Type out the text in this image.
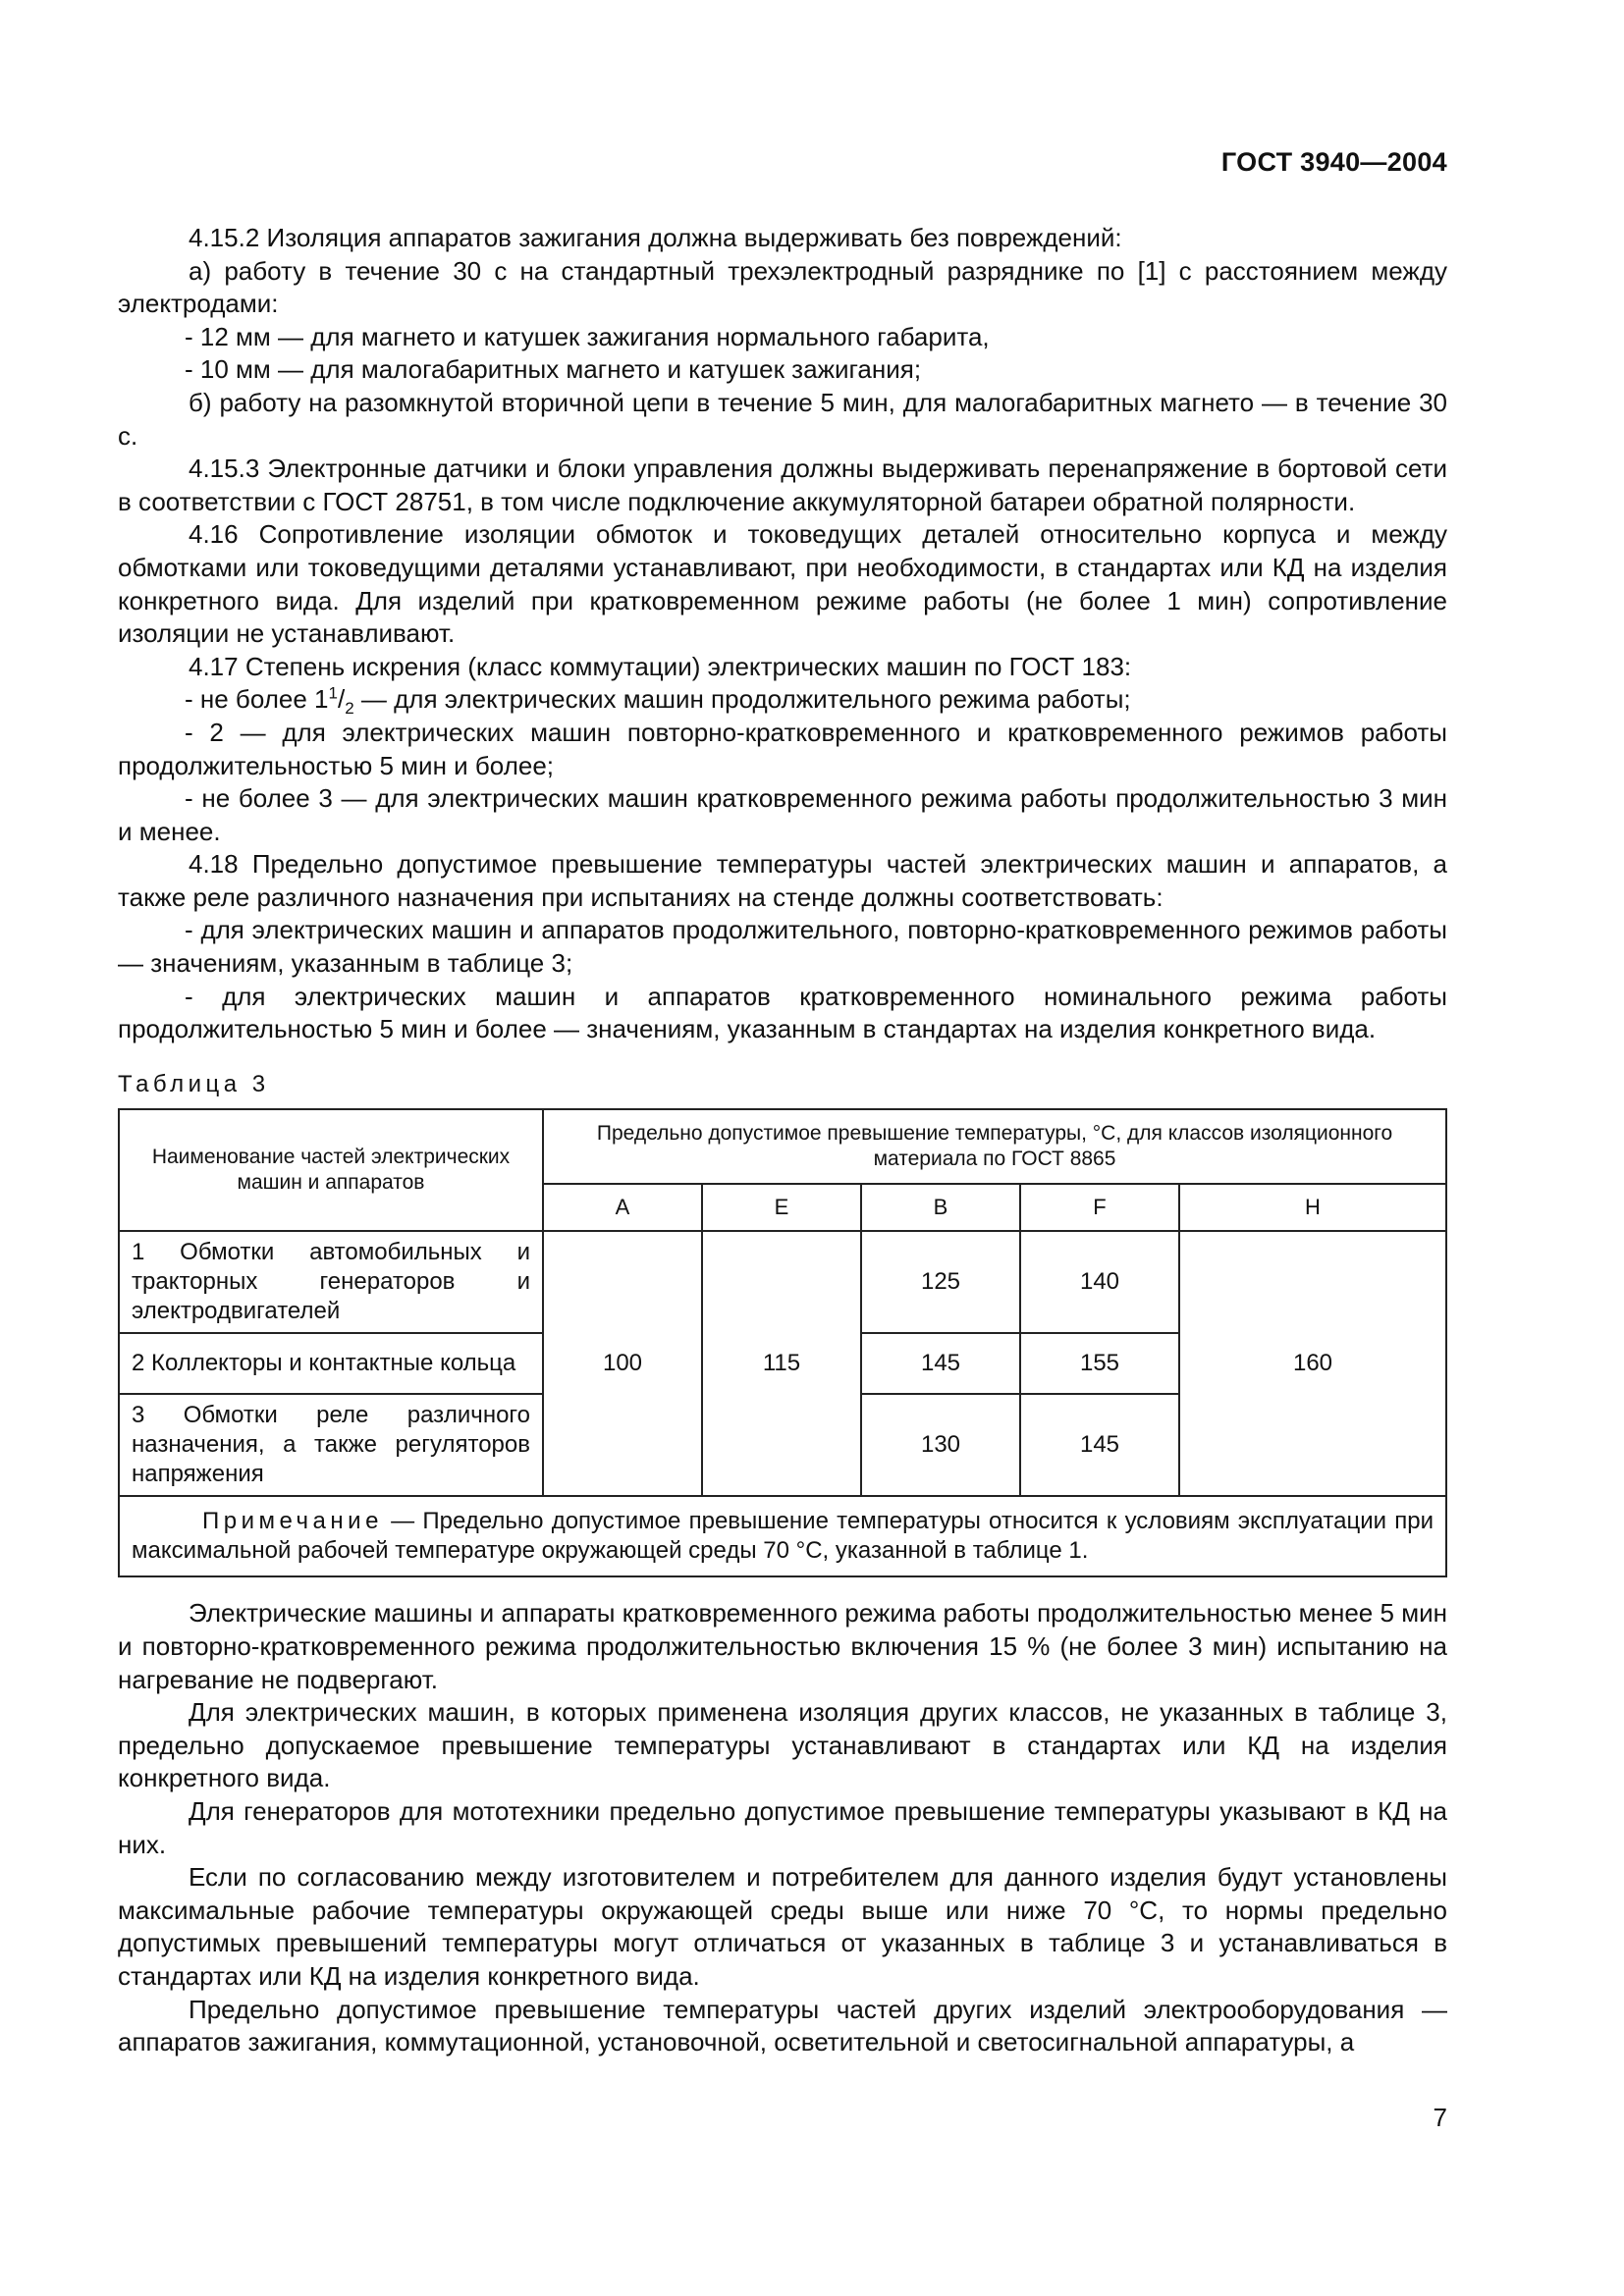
ГОСТ 3940—2004

4.15.2 Изоляция аппаратов зажигания должна выдерживать без повреждений:

а) работу в течение 30 с на стандартный трехэлектродный разряднике по [1] с расстоянием между электродами:

- 12 мм — для магнето и катушек зажигания нормального габарита,

- 10 мм — для малогабаритных магнето и катушек зажигания;

б) работу на разомкнутой вторичной цепи в течение 5 мин, для малогабаритных магнето — в течение 30 с.

4.15.3 Электронные датчики и блоки управления должны выдерживать перенапряжение в бортовой сети в соответствии с ГОСТ 28751, в том числе подключение аккумуляторной батареи обратной полярности.

4.16 Сопротивление изоляции обмоток и токоведущих деталей относительно корпуса и между обмотками или токоведущими деталями устанавливают, при необходимости, в стандартах или КД на изделия конкретного вида. Для изделий при кратковременном режиме работы (не более 1 мин) сопротивление изоляции не устанавливают.

4.17 Степень искрения (класс коммутации) электрических машин по ГОСТ 183:

- не более $1^1/_2$ — для электрических машин продолжительного режима работы;

- 2 — для электрических машин повторно-кратковременного и кратковременного режимов работы продолжительностью 5 мин и более;

- не более 3 — для электрических машин кратковременного режима работы продолжительностью 3 мин и менее.

4.18 Предельно допустимое превышение температуры частей электрических машин и аппаратов, а также реле различного назначения при испытаниях на стенде должны соответствовать:

- для электрических машин и аппаратов продолжительного, повторно-кратковременного режимов работы — значениям, указанным в таблице 3;

- для электрических машин и аппаратов кратковременного номинального режима работы продолжительностью 5 мин и более — значениям, указанным в стандартах на изделия конкретного вида.

Таблица 3

Наименование частей электрических машин и аппаратов	Предельно допустимое превышение температуры, °С, для классов изоляционного материала по ГОСТ 8865				
	А	Е	В	F	Н
1 Обмотки автомобильных и тракторных генераторов и электродвигателей	100	115	125	140	160
2 Коллекторы и контактные кольца			145	155	
3 Обмотки реле различного назначения, а также регуляторов напряжения			130	145	
Примечание — Предельно допустимое превышение температуры относится к условиям эксплуатации при максимальной рабочей температуре окружающей среды 70 °С, указанной в таблице 1.					

Электрические машины и аппараты кратковременного режима работы продолжительностью менее 5 мин и повторно-кратковременного режима продолжительностью включения 15 % (не более 3 мин) испытанию на нагревание не подвергают.

Для электрических машин, в которых применена изоляция других классов, не указанных в таблице 3, предельно допускаемое превышение температуры устанавливают в стандартах или КД на изделия конкретного вида.

Для генераторов для мототехники предельно допустимое превышение температуры указывают в КД на них.

Если по согласованию между изготовителем и потребителем для данного изделия будут установлены максимальные рабочие температуры окружающей среды выше или ниже 70 °С, то нормы предельно допустимых превышений температуры могут отличаться от указанных в таблице 3 и устанавливаться в стандартах или КД на изделия конкретного вида.

Предельно допустимое превышение температуры частей других изделий электрооборудования — аппаратов зажигания, коммутационной, установочной, осветительной и светосигнальной аппаратуры, а

7
